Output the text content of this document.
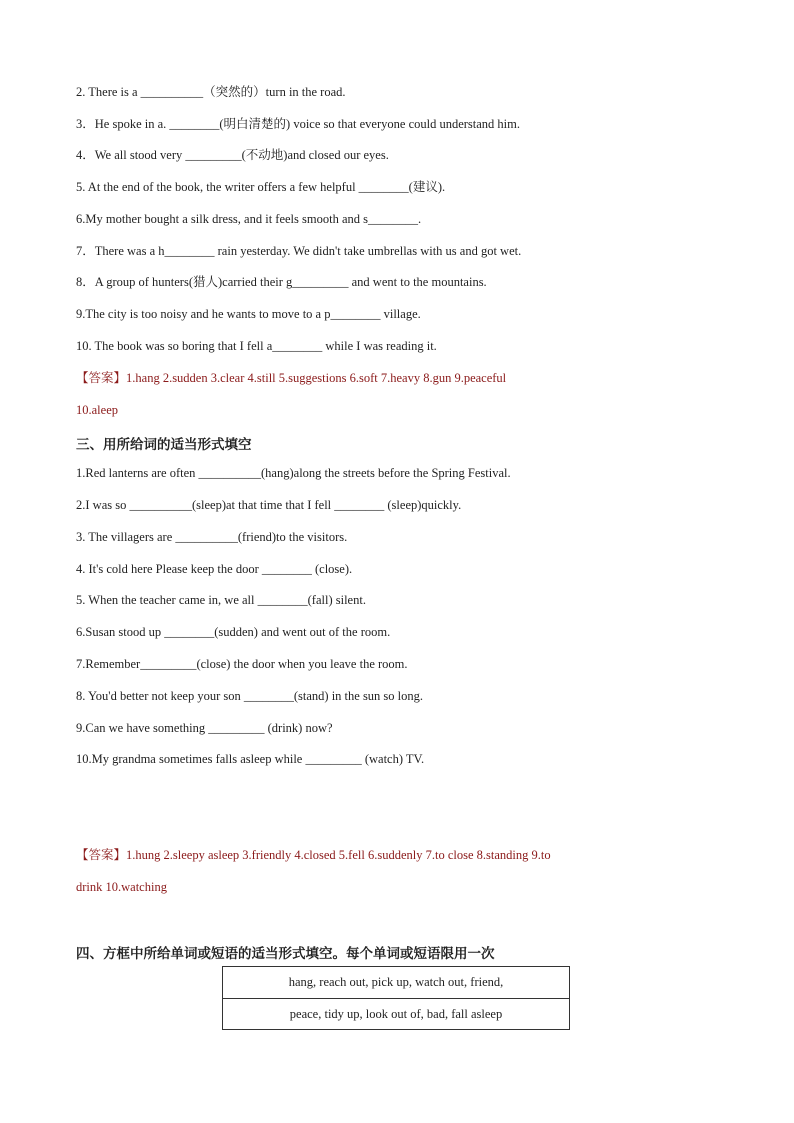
2. There is a __________（突然的）turn in the road.
3．He spoke in a. ________(明白清楚的) voice so that everyone could understand him.
4．We all stood very _________(不动地)and closed our eyes.
5. At the end of the book, the writer offers a few helpful ________(建议).
6.My mother bought a silk dress, and it feels smooth and s________.
7．There was a h________ rain yesterday. We didn't take umbrellas with us and got wet.
8．A group of hunters(猎人)carried their g_________ and went to the mountains.
9.The city is too noisy and he wants to move to a p________ village.
10. The book was so boring that I fell a________ while I was reading it.
【答案】1.hang 2.sudden 3.clear 4.still 5.suggestions 6.soft 7.heavy 8.gun 9.peaceful
10.aleep
三、用所给词的适当形式填空
1.Red lanterns are often __________(hang)along the streets before the Spring Festival.
2.I was so __________(sleep)at that time that I fell ________ (sleep)quickly.
3. The villagers are __________(friend)to the visitors.
4. It's cold here Please keep the door ________ (close).
5. When the teacher came in, we all ________(fall) silent.
6.Susan stood up ________(sudden) and went out of the room.
7.Remember_________(close) the door when you leave the room.
8. You'd better not keep your son ________(stand) in the sun so long.
9.Can we have something _________ (drink) now?
10.My grandma sometimes falls asleep while _________ (watch) TV.
【答案】1.hung 2.sleepy asleep 3.friendly 4.closed 5.fell 6.suddenly 7.to close 8.standing 9.to
drink 10.watching
四、方框中所给单词或短语的适当形式填空。每个单词或短语限用一次
hang, reach out, pick up, watch out, friend,
peace, tidy up, look out of, bad, fall asleep
